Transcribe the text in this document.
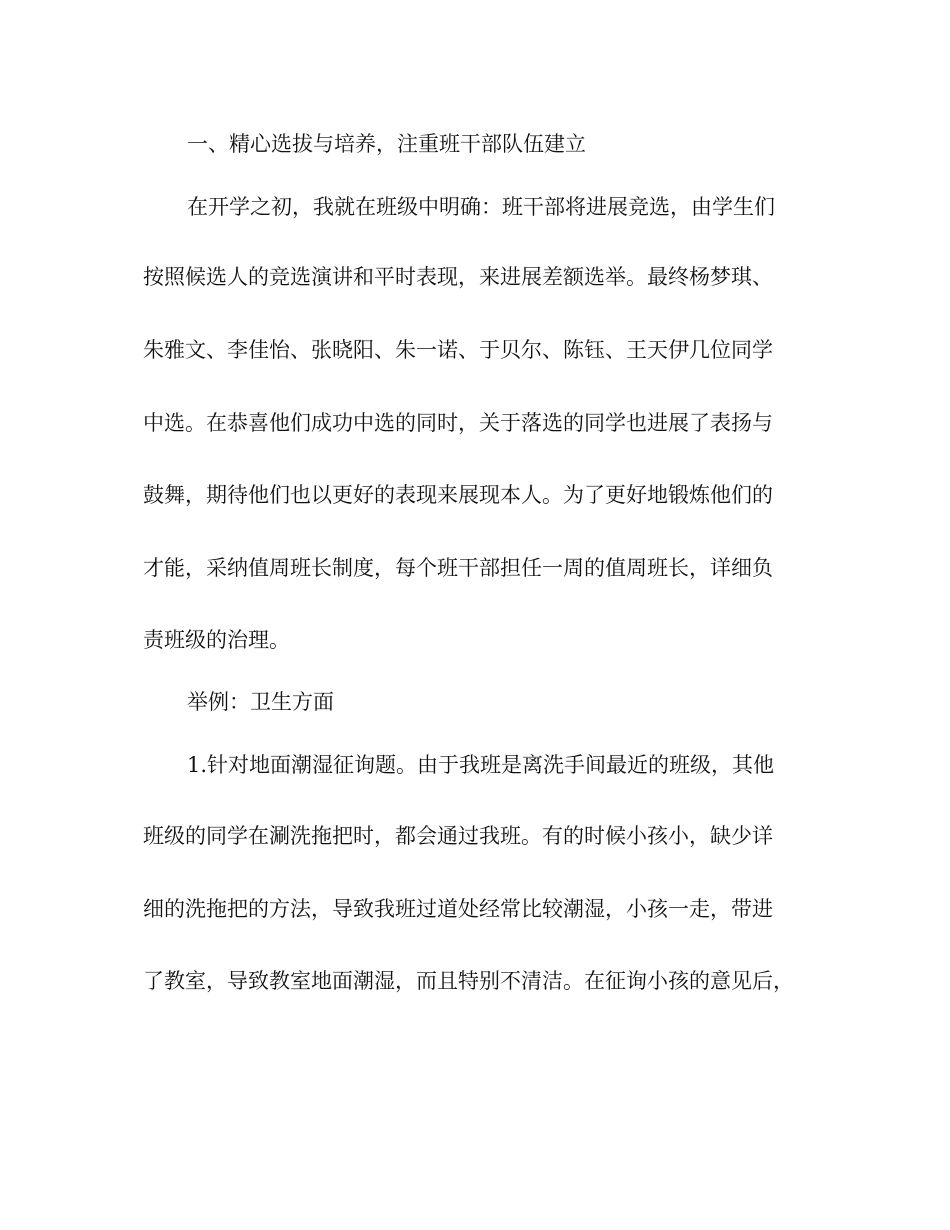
一、精心选拔与培养，注重班干部队伍建立
在开学之初，我就在班级中明确：班干部将进展竞选，由学生们
按照候选人的竞选演讲和平时表现，来进展差额选举。最终杨梦琪、
朱雅文、李佳怡、张晓阳、朱一诺、于贝尔、陈钰、王天伊几位同学
中选。在恭喜他们成功中选的同时，关于落选的同学也进展了表扬与
鼓舞，期待他们也以更好的表现来展现本人。为了更好地锻炼他们的
才能，采纳值周班长制度，每个班干部担任一周的值周班长，详细负
责班级的治理。
举例：卫生方面
1.针对地面潮湿征询题。由于我班是离洗手间最近的班级，其他
班级的同学在涮洗拖把时，都会通过我班。有的时候小孩小，缺少详
细的洗拖把的方法，导致我班过道处经常比较潮湿，小孩一走，带进
了教室，导致教室地面潮湿，而且特别不清洁。在征询小孩的意见后，
